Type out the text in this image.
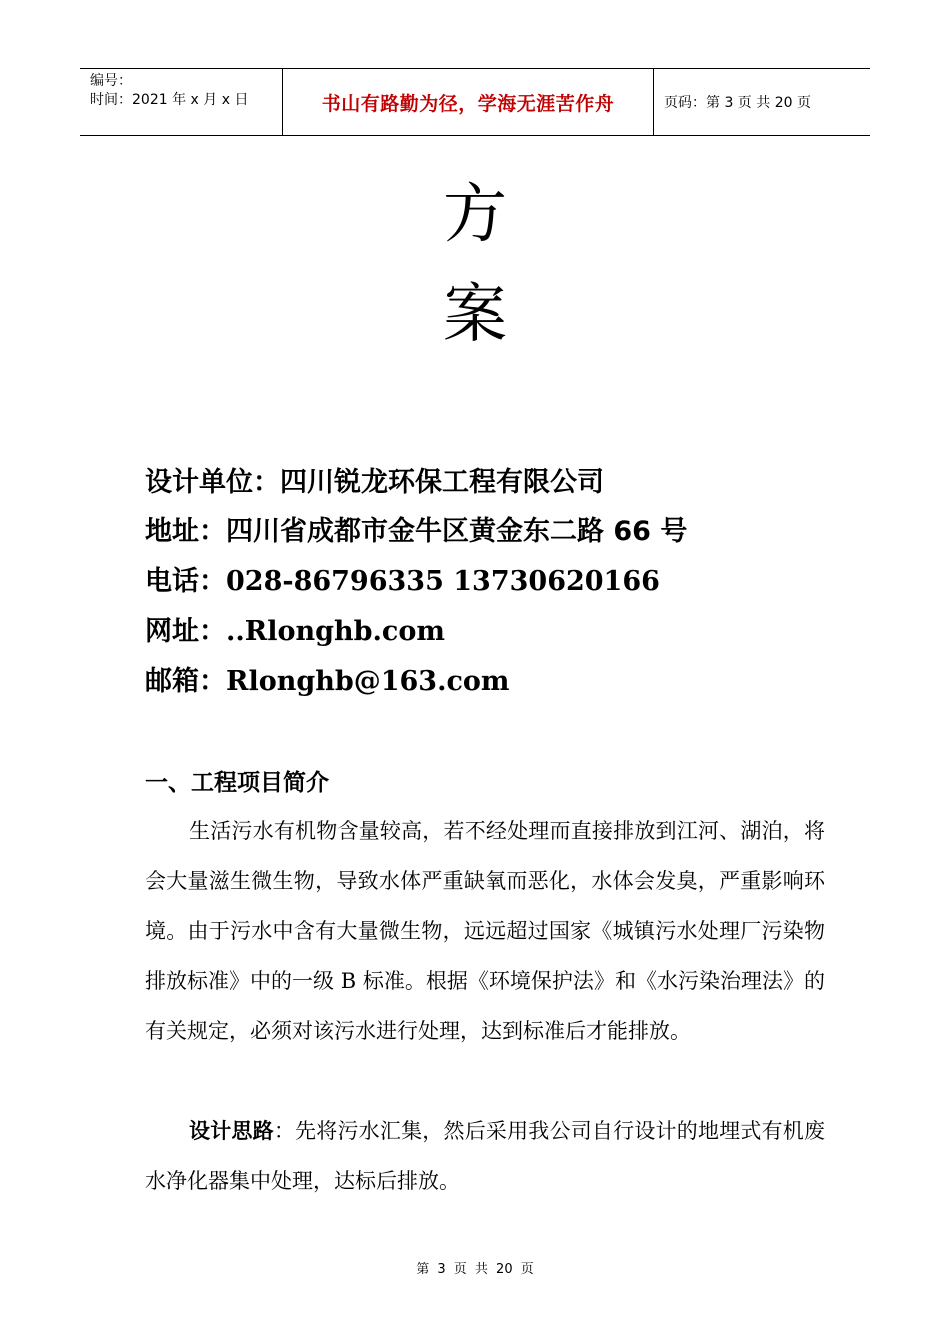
编号：
时间：2021 年 x 月 x 日	书山有路勤为径，学海无涯苦作舟	页码：第 3 页 共 20 页
方
案
设计单位：四川锐龙环保工程有限公司
地址：四川省成都市金牛区黄金东二路 66 号
电话：028-86796335 13730620166
网址：..Rlonghb.com
邮箱：Rlonghb@163.com
一、工程项目简介
生活污水有机物含量较高，若不经处理而直接排放到江河、湖泊，将会大量滋生微生物，导致水体严重缺氧而恶化，水体会发臭，严重影响环境。由于污水中含有大量微生物，远远超过国家《城镇污水处理厂污染物排放标准》中的一级 B 标准。根据《环境保护法》和《水污染治理法》的有关规定，必须对该污水进行处理，达到标准后才能排放。
设计思路：先将污水汇集，然后采用我公司自行设计的地埋式有机废水净化器集中处理，达标后排放。
第 3 页 共 20 页
